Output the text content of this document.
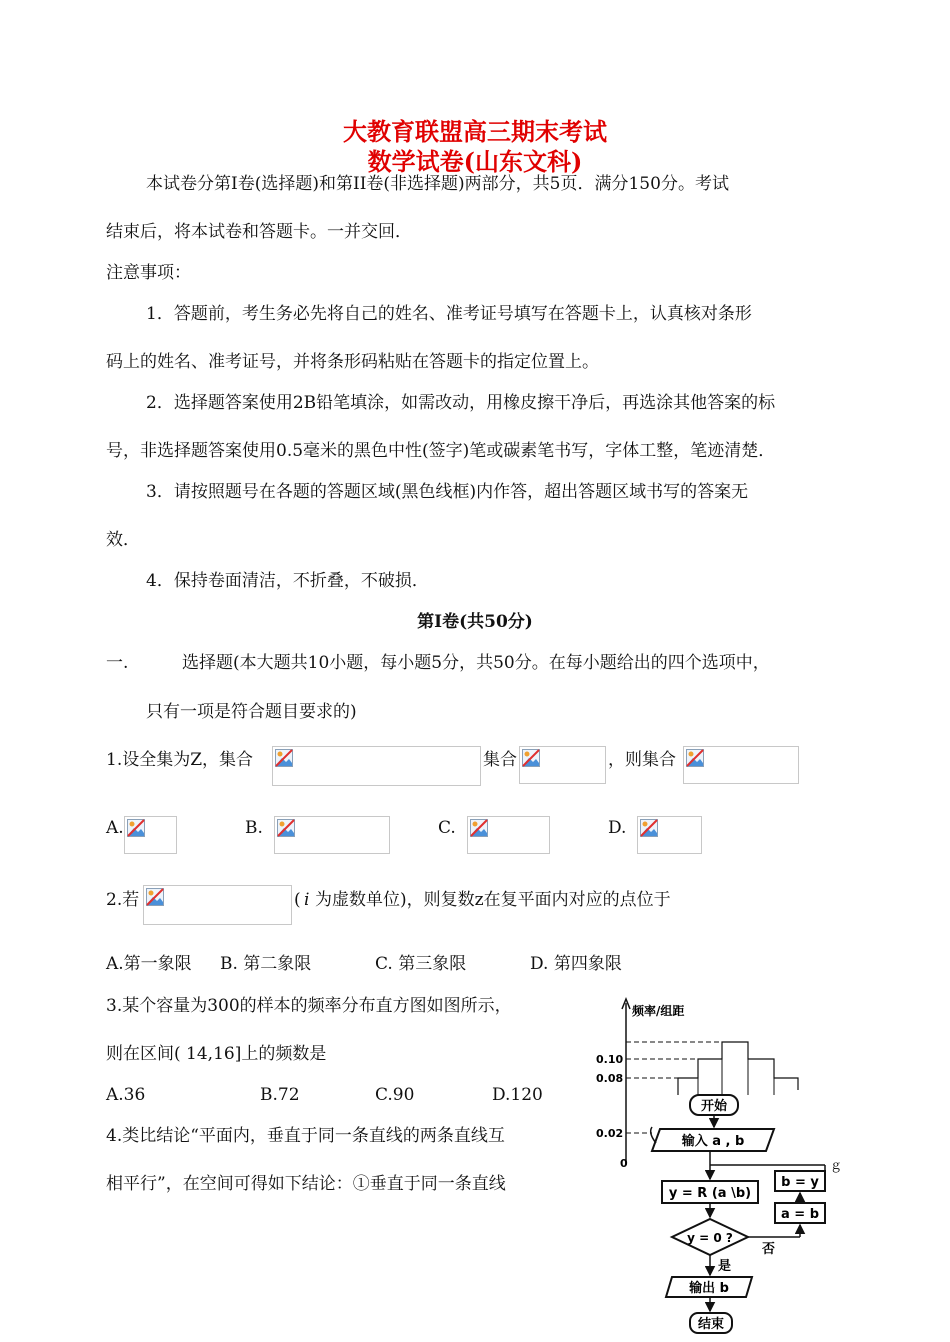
大教育联盟高三期末考试
数学试卷(山东文科)
本试卷分第Ⅰ卷(选择题)和第II卷(非选择题)两部分，共5页．满分150分。考试
结束后，将本试卷和答题卡。一并交回．
注意事项：
1．答题前，考生务必先将自己的姓名、准考证号填写在答题卡上，认真核对条形
码上的姓名、准考证号，并将条形码粘贴在答题卡的指定位置上。
2．选择题答案使用2B铅笔填涂，如需改动，用橡皮擦干净后，再选涂其他答案的标
号，非选择题答案使用0.5毫米的黑色中性(签字)笔或碳素笔书写，字体工整，笔迹清楚．
3．请按照题号在各题的答题区域(黑色线框)内作答，超出答题区域书写的答案无
效．
4．保持卷面清洁，不折叠，不破损．
第Ⅰ卷(共50分)
一.	选择题(本大题共10小题，每小题5分，共50分。在每小题给出的四个选项中，
只有一项是符合题目要求的)
1.设全集为Z，集合	集合	，则集合
A.	B.	C.	D.
2.若	( i 为虚数单位)，则复数z在复平面内对应的点位于
A.第一象限 B. 第二象限	C. 第三象限	D. 第四象限
3.某个容量为300的样本的频率分布直方图如图所示，
则在区间( 14,16]上的频数是
A.36	B.72	C.90	D.120
4.类比结论“平面内，垂直于同一条直线的两条直线互
相平行”，在空间可得如下结论：①垂直于同一条直线
频率/组距
0.10
0.08
0.02
0
开始
输入 a , b
ｇ
y = R (a \b)
b = y
a = b
y = 0 ?
否
是
输出 b
结束
